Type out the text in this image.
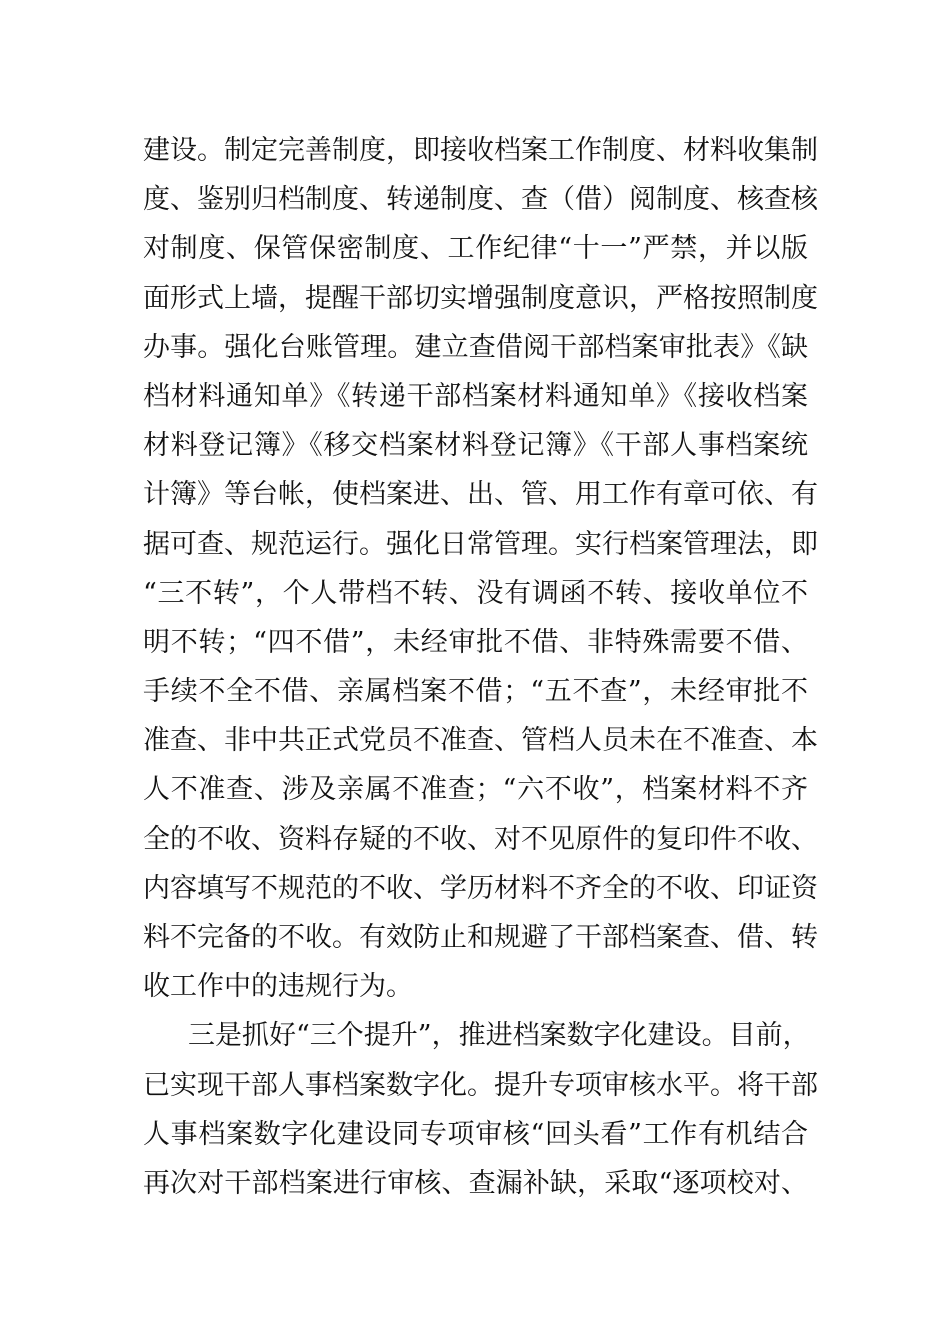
建设。制定完善制度，即接收档案工作制度、材料收集制
度、鉴别归档制度、转递制度、查（借）阅制度、核查核
对制度、保管保密制度、工作纪律“十一”严禁，并以版
面形式上墙，提醒干部切实增强制度意识，严格按照制度
办事。强化台账管理。建立查借阅干部档案审批表》《缺
档材料通知单》《转递干部档案材料通知单》《接收档案
材料登记簿》《移交档案材料登记簿》《干部人事档案统
计簿》等台帐，使档案进、出、管、用工作有章可依、有
据可查、规范运行。强化日常管理。实行档案管理法，即
“三不转”，个人带档不转、没有调函不转、接收单位不
明不转；“四不借”，未经审批不借、非特殊需要不借、
手续不全不借、亲属档案不借；“五不查”，未经审批不
准查、非中共正式党员不准查、管档人员未在不准查、本
人不准查、涉及亲属不准查；“六不收”，档案材料不齐
全的不收、资料存疑的不收、对不见原件的复印件不收、
内容填写不规范的不收、学历材料不齐全的不收、印证资
料不完备的不收。有效防止和规避了干部档案查、借、转
收工作中的违规行为。
三是抓好“三个提升”，推进档案数字化建设。目前，
已实现干部人事档案数字化。提升专项审核水平。将干部
人事档案数字化建设同专项审核“回头看”工作有机结合
再次对干部档案进行审核、查漏补缺，采取“逐项校对、
